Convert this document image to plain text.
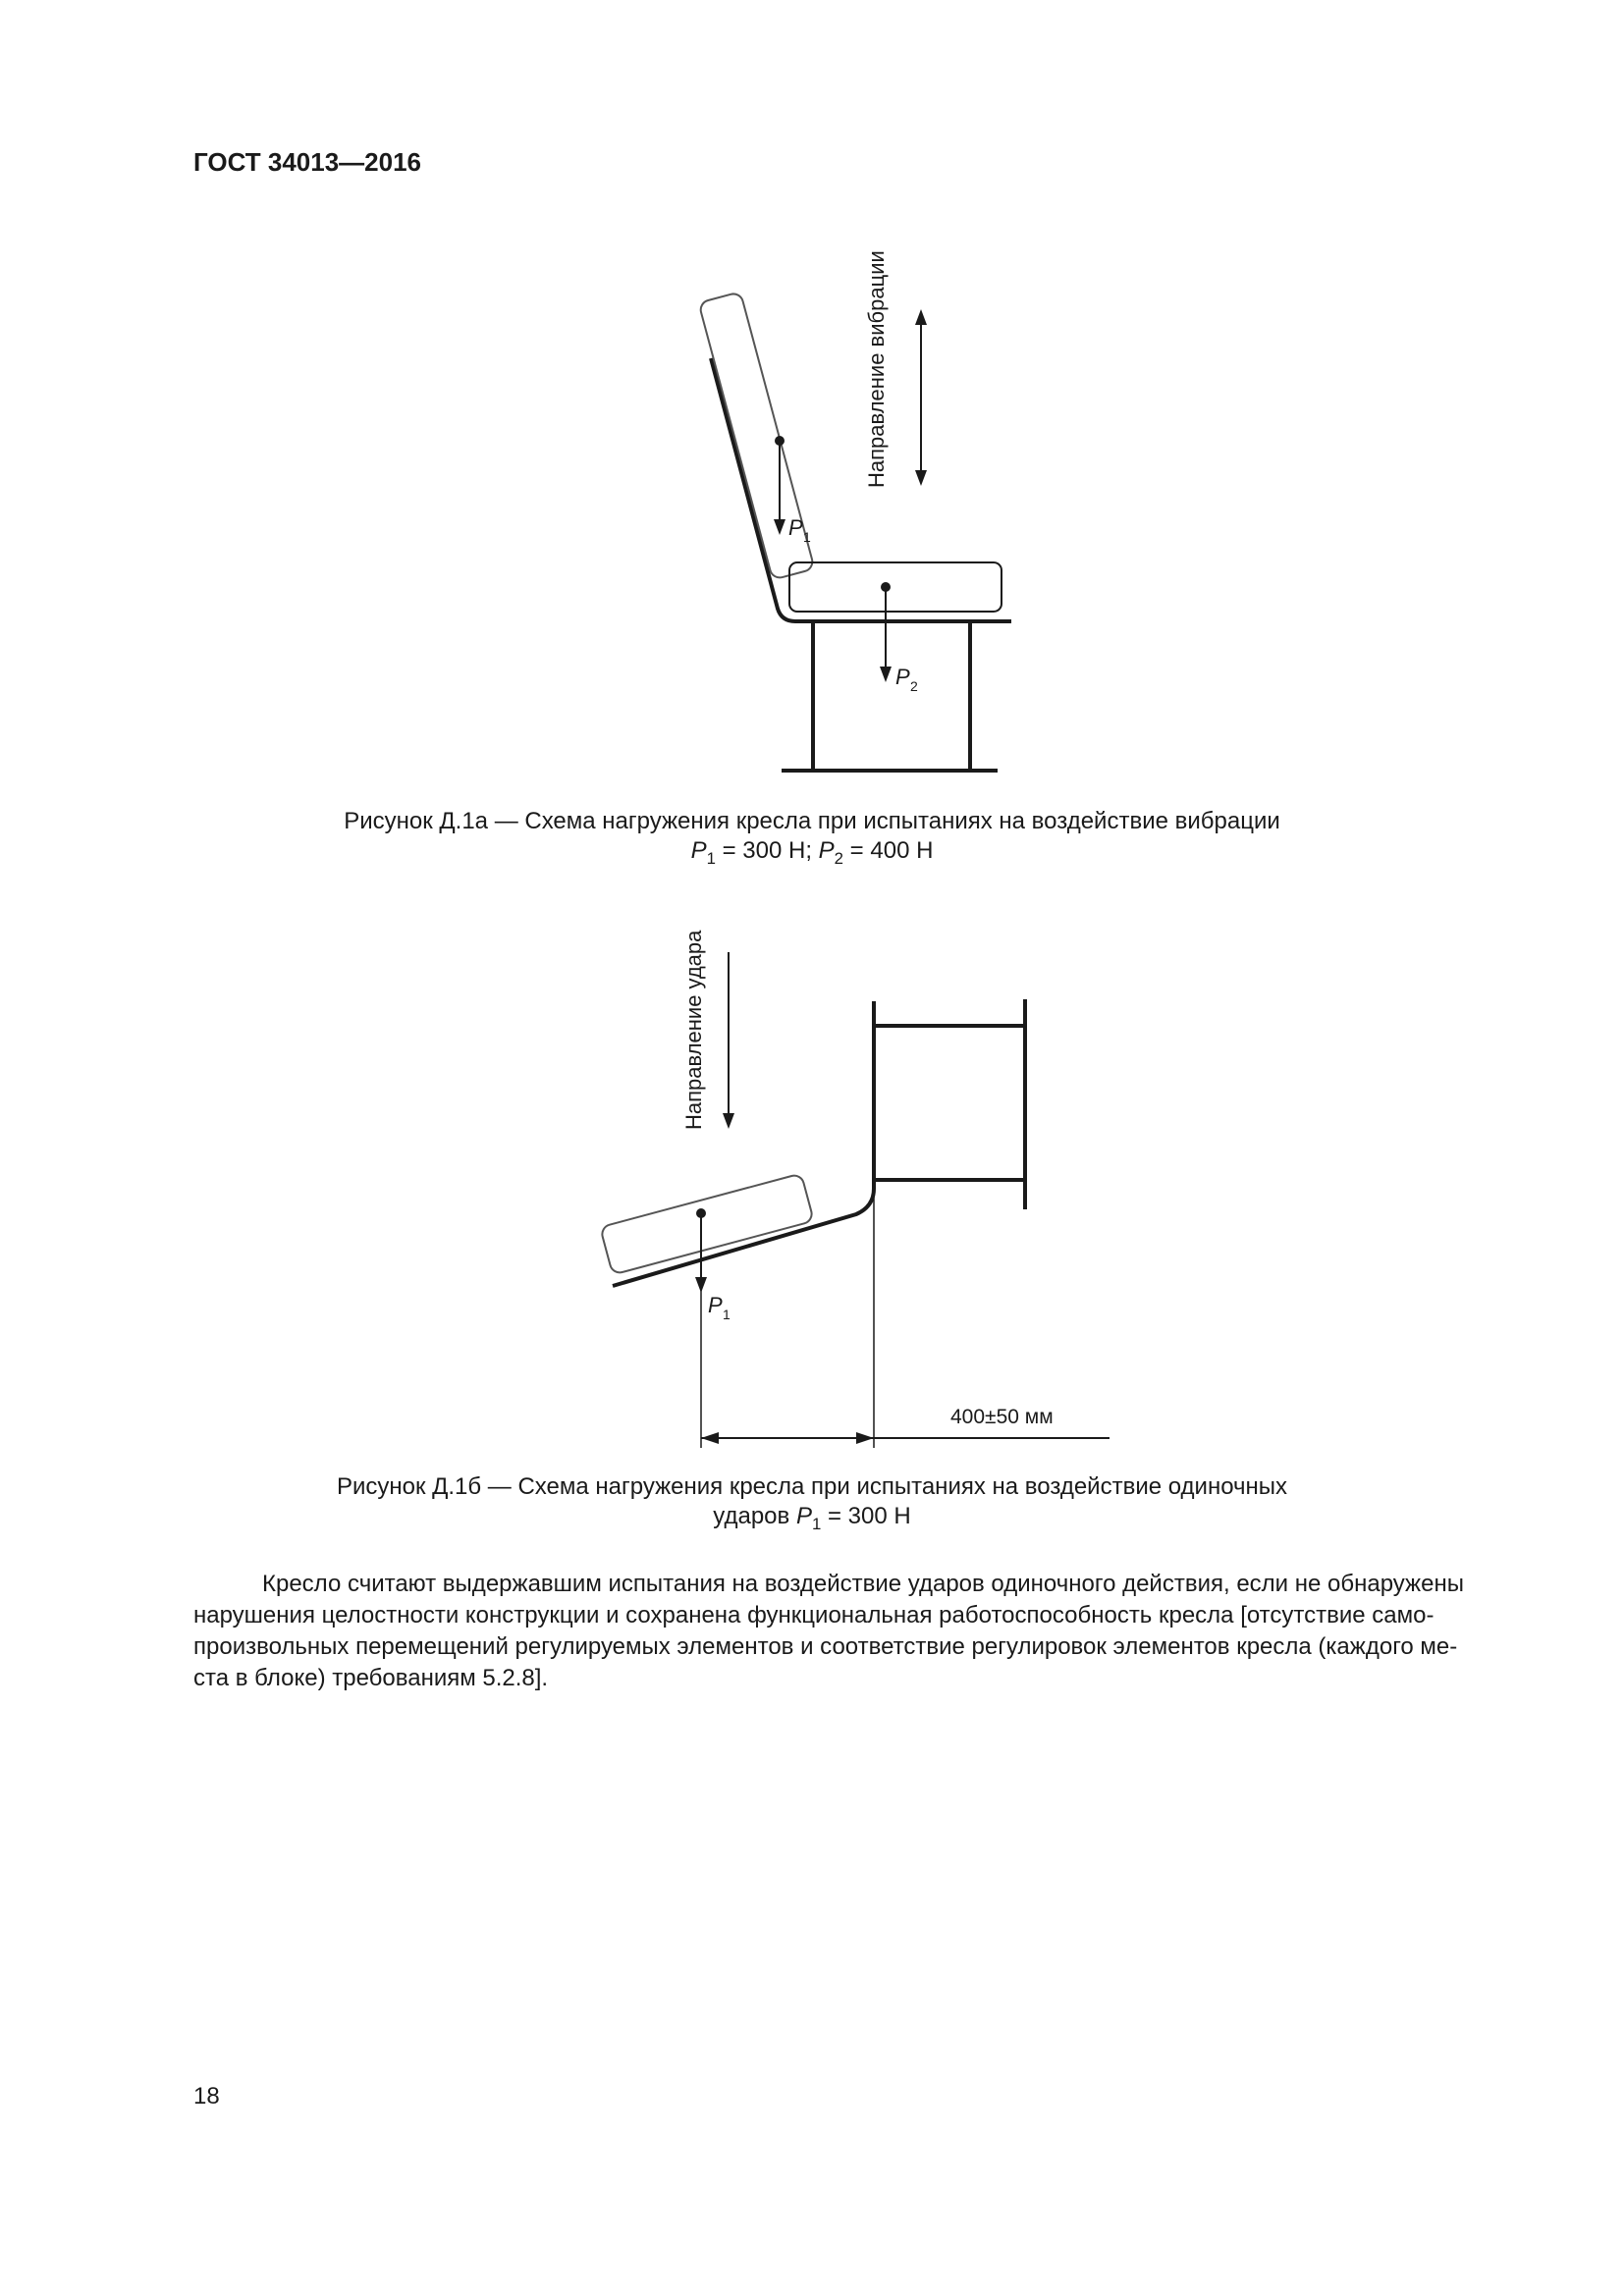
ГОСТ 34013—2016
Направление вибрации
P 1
P 2
Рисунок Д.1а — Схема нагружения кресла при испытаниях на воздействие вибрации
$P_1 = 300$ Н; $P_2 = 400$ Н
Направление удара
P 1
400±50 мм
Рисунок Д.1б — Схема нагружения кресла при испытаниях на воздействие одиночных
ударов $P_1 = 300$ Н
Кресло считают выдержавшим испытания на воздействие ударов одиночного действия, если не обнаружены
нарушения целостности конструкции и сохранена функциональная работоспособность кресла [отсутствие само-
произвольных перемещений регулируемых элементов и соответствие регулировок элементов кресла (каждого ме-
ста в блоке) требованиям 5.2.8].
18
